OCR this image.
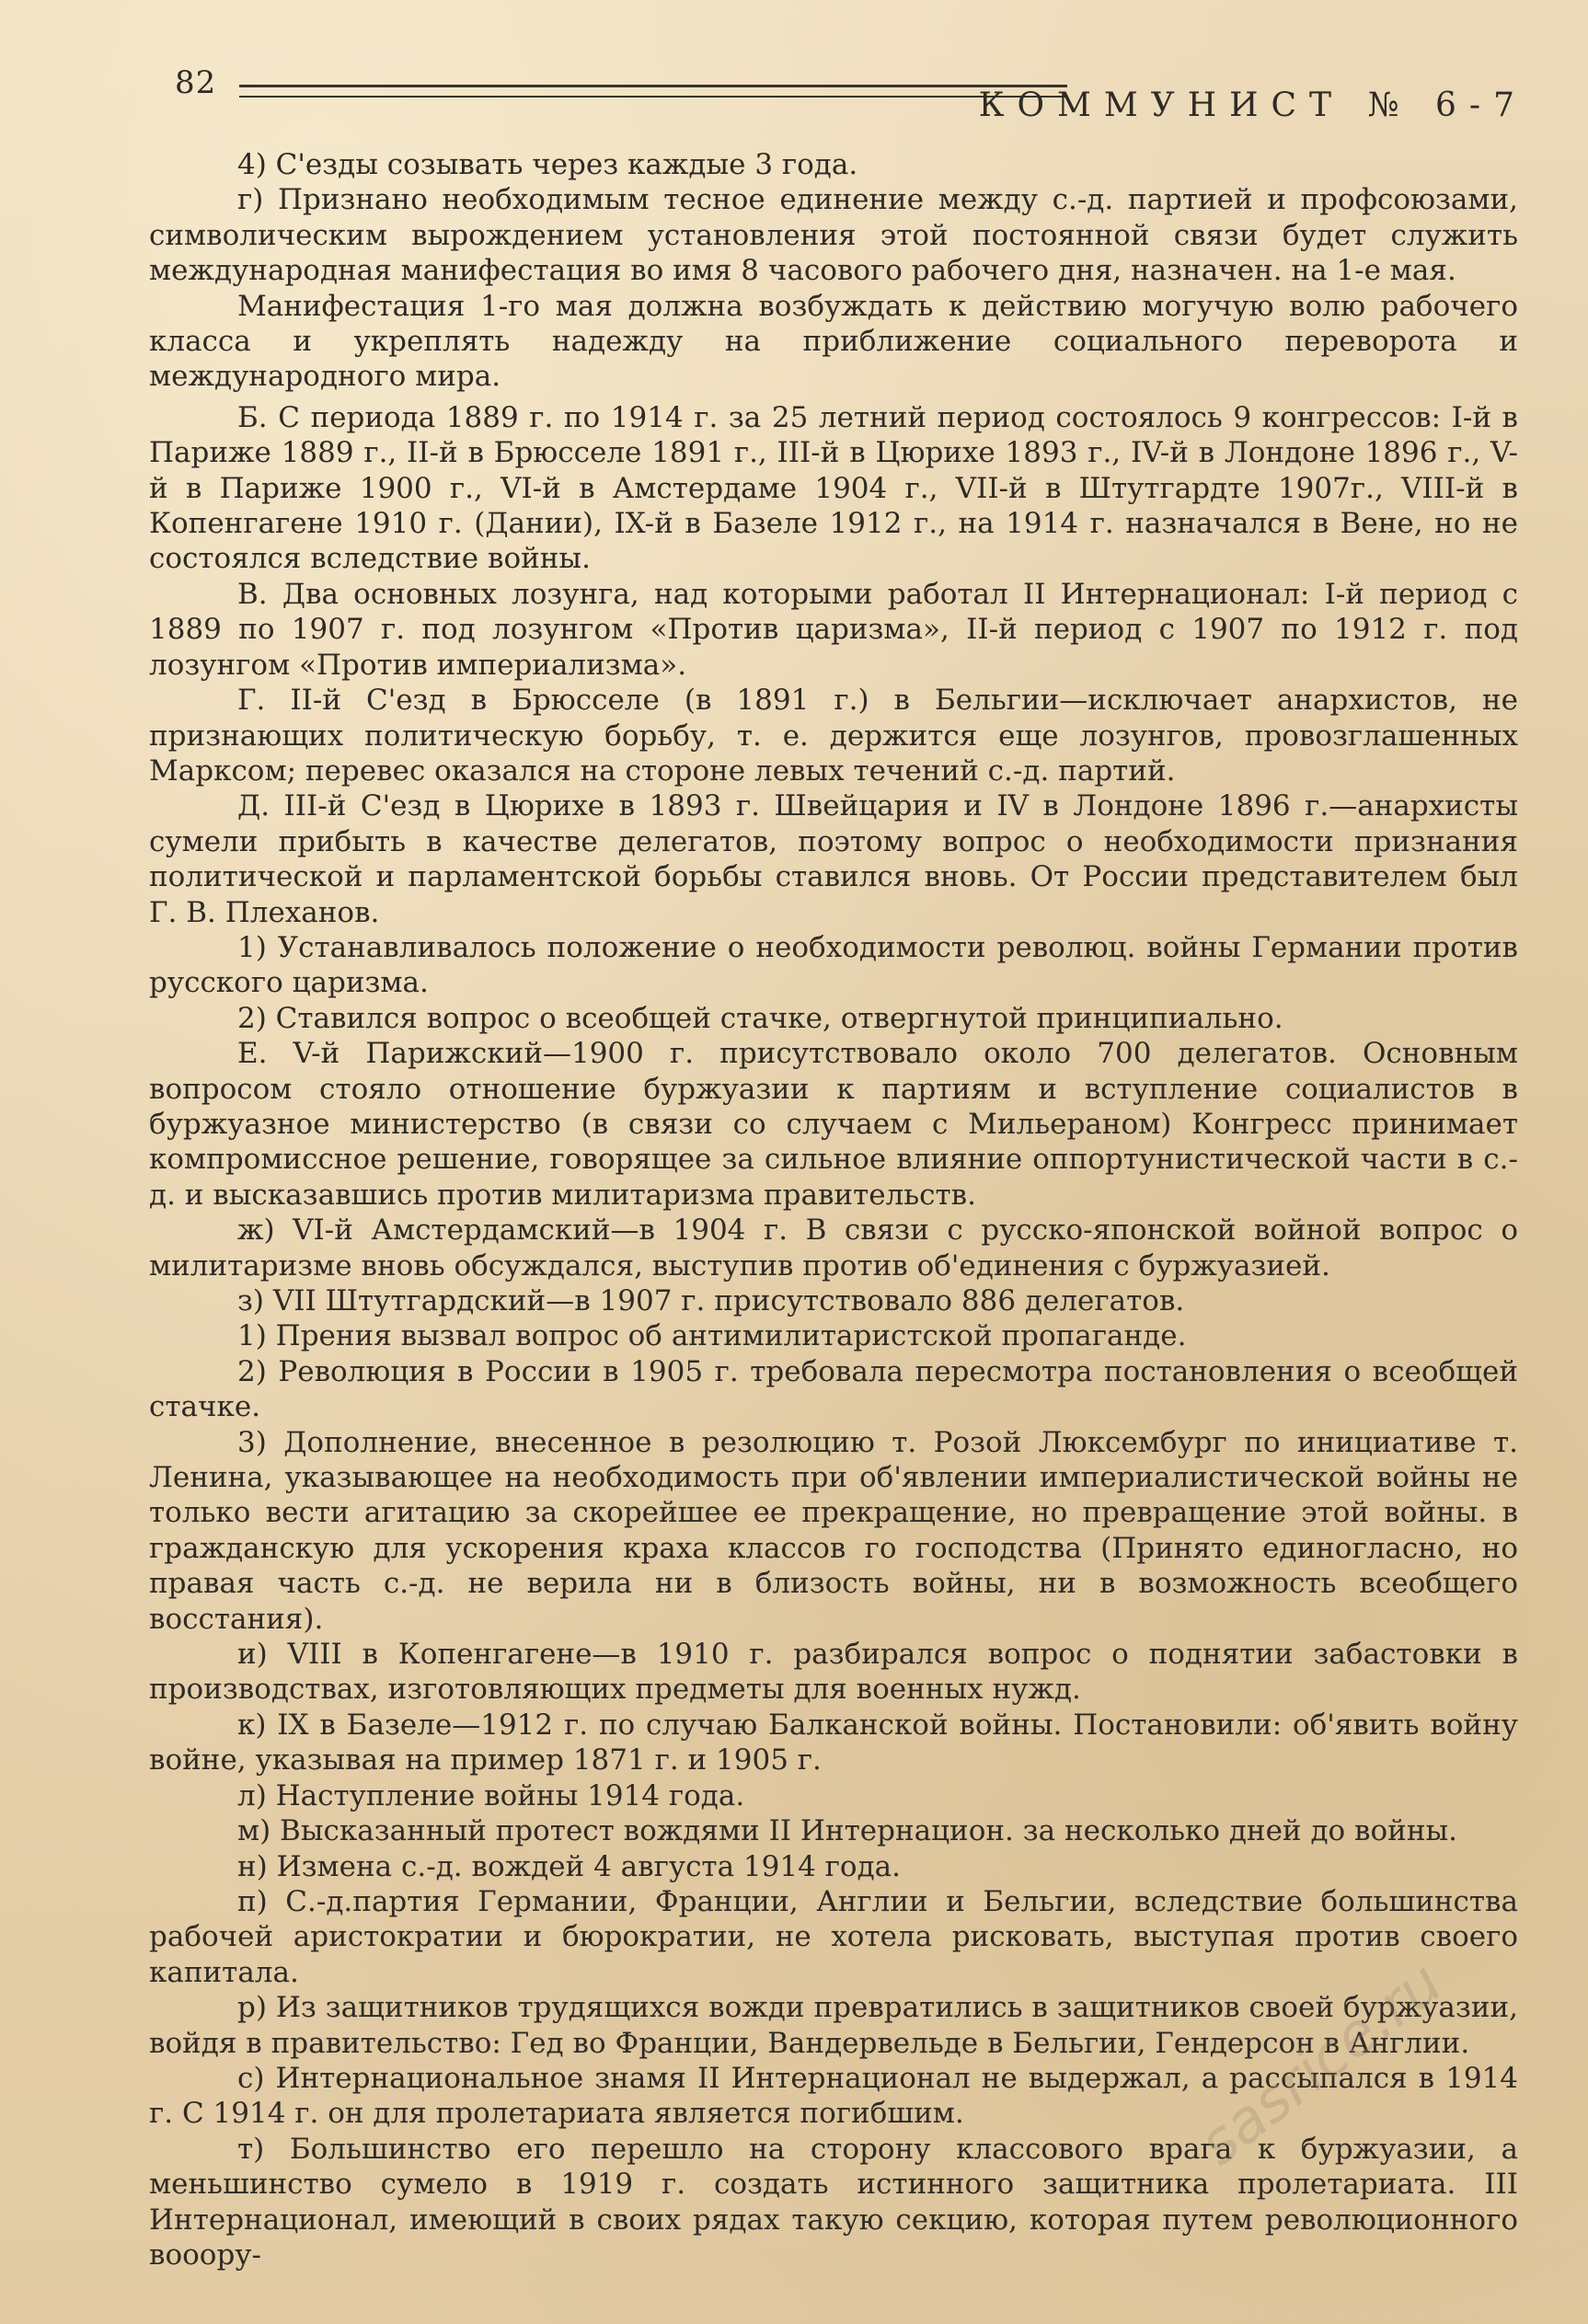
82
КОММУНИСТ № 6-7

4) С'езды созывать через каждые 3 года.

г) Признано необходимым тесное единение между с.-д. партией и профсоюзами, символическим вырождением установления этой постоянной связи будет служить международная манифестация во имя 8 часового рабочего дня, назначен. на 1-е мая.

Манифестация 1-го мая должна возбуждать к действию могучую волю рабочего класса и укреплять надежду на приближение социального переворота и международного мира.

Б. С периода 1889 г. по 1914 г. за 25 летний период состоялось 9 конгрессов: I-й в Париже 1889 г., II-й в Брюсселе 1891 г., III-й в Цюрихе 1893 г., IV-й в Лондоне 1896 г., V-й в Париже 1900 г., VI-й в Амстердаме 1904 г., VII-й в Штутгардте 1907г., VIII-й в Копенгагене 1910 г. (Дании), IX-й в Базеле 1912 г., на 1914 г. назначался в Вене, но не состоялся вследствие войны.

В. Два основных лозунга, над которыми работал II Интернационал: I-й период с 1889 по 1907 г. под лозунгом «Против царизма», II-й период с 1907 по 1912 г. под лозунгом «Против империализма».

Г. II-й С'езд в Брюсселе (в 1891 г.) в Бельгии—исключает анархистов, не признающих политическую борьбу, т. е. держится еще лозунгов, провозглашенных Марксом; перевес оказался на стороне левых течений с.-д. партий.

Д. III-й С'езд в Цюрихе в 1893 г. Швейцария и IV в Лондоне 1896 г.—анархисты сумели прибыть в качестве делегатов, поэтому вопрос о необходимости признания политической и парламентской борьбы ставился вновь. От России представителем был Г. В. Плеханов.

1) Устанавливалось положение о необходимости революц. войны Германии против русского царизма.

2) Ставился вопрос о всеобщей стачке, отвергнутой принципиально.

Е. V-й Парижский—1900 г. присутствовало около 700 делегатов. Основным вопросом стояло отношение буржуазии к партиям и вступление социалистов в буржуазное министерство (в связи со случаем с Мильераном) Конгресс принимает компромиссное решение, говорящее за сильное влияние оппортунистической части в с.-д. и высказавшись против милитаризма правительств.

ж) VI-й Амстердамский—в 1904 г. В связи с русско-японской войной вопрос о милитаризме вновь обсуждался, выступив против об'единения с буржуазией.

з) VII Штутгардский—в 1907 г. присутствовало 886 делегатов.

1) Прения вызвал вопрос об антимилитаристской пропаганде.

2) Революция в России в 1905 г. требовала пересмотра постановления о всеобщей стачке.

3) Дополнение, внесенное в резолюцию т. Розой Люксембург по инициативе т. Ленина, указывающее на необходимость при об'явлении империалистической войны не только вести агитацию за скорейшее ее прекращение, но превращение этой войны. в гражданскую для ускорения краха классов го господства (Принято единогласно, но правая часть с.-д. не верила ни в близость войны, ни в возможность всеобщего восстания).

и) VIII в Копенгагене—в 1910 г. разбирался вопрос о поднятии забастовки в производствах, изготовляющих предметы для военных нужд.

к) IX в Базеле—1912 г. по случаю Балканской войны. Постановили: об'явить войну войне, указывая на пример 1871 г. и 1905 г.

л) Наступление войны 1914 года.

м) Высказанный протест вождями II Интернацион. за несколько дней до войны.

н) Измена с.-д. вождей 4 августа 1914 года.

п) С.-д.партия Германии, Франции, Англии и Бельгии, вследствие большинства рабочей аристократии и бюрократии, не хотела рисковать, выступая против своего капитала.

р) Из защитников трудящихся вожди превратились в защитников своей буржуазии, войдя в правительство: Гед во Франции, Вандервельде в Бельгии, Гендерсон в Англии.

с) Интернациональное знамя II Интернационал не выдержал, а рассыпался в 1914 г. С 1914 г. он для пролетариата является погибшим.

т) Большинство его перешло на сторону классового врага к буржуазии, а меньшинство сумело в 1919 г. создать истинного защитника пролетариата. III Интернационал, имеющий в своих рядах такую секцию, которая путем революционного вооору-

sasrice.ru
